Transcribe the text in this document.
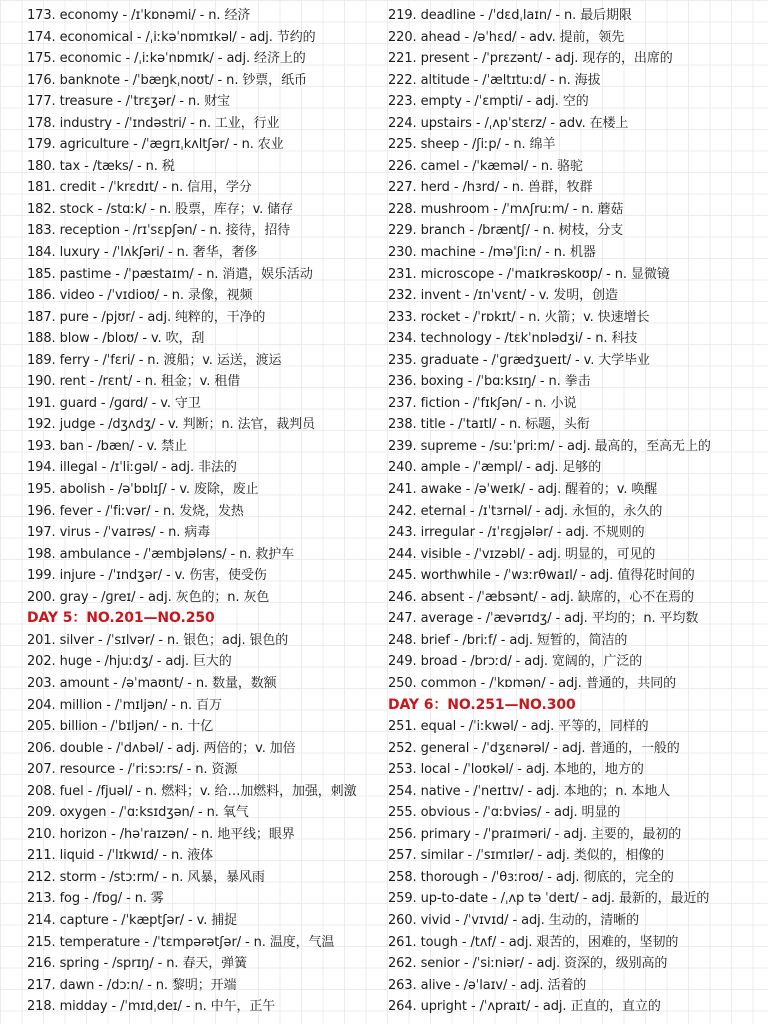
173. economy - /ɪˈkɒnəmi/ - n. 经济
174. economical - /ˌiːkəˈnɒmɪkəl/ - adj. 节约的
175. economic - /ˌiːkəˈnɒmɪk/ - adj. 经济上的
176. banknote - /ˈbæŋkˌnoʊt/ - n. 钞票，纸币
177. treasure - /ˈtrɛʒər/ - n. 财宝
178. industry - /ˈɪndəstri/ - n. 工业，行业
179. agriculture - /ˈæɡrɪˌkʌltʃər/ - n. 农业
180. tax - /tæks/ - n. 税
181. credit - /ˈkrɛdɪt/ - n. 信用，学分
182. stock - /stɑːk/ - n. 股票，库存；v. 储存
183. reception - /rɪˈsɛpʃən/ - n. 接待，招待
184. luxury - /ˈlʌkʃəri/ - n. 奢华，奢侈
185. pastime - /ˈpæstaɪm/ - n. 消遣，娱乐活动
186. video - /ˈvɪdioʊ/ - n. 录像，视频
187. pure - /pjʊr/ - adj. 纯粹的，干净的
188. blow - /bloʊ/ - v. 吹，刮
189. ferry - /ˈfɛri/ - n. 渡船；v. 运送，渡运
190. rent - /rɛnt/ - n. 租金；v. 租借
191. guard - /ɡɑrd/ - v. 守卫
192. judge - /dʒʌdʒ/ - v. 判断；n. 法官，裁判员
193. ban - /bæn/ - v. 禁止
194. illegal - /ɪˈliːɡəl/ - adj. 非法的
195. abolish - /əˈbɒlɪʃ/ - v. 废除，废止
196. fever - /ˈfiːvər/ - n. 发烧，发热
197. virus - /ˈvaɪrəs/ - n. 病毒
198. ambulance - /ˈæmbjələns/ - n. 救护车
199. injure - /ˈɪndʒər/ - v. 伤害，使受伤
200. gray - /ɡreɪ/ - adj. 灰色的；n. 灰色
DAY 5：NO.201—NO.250
201. silver - /ˈsɪlvər/ - n. 银色；adj. 银色的
202. huge - /hjuːdʒ/ - adj. 巨大的
203. amount - /əˈmaʊnt/ - n. 数量，数额
204. million - /ˈmɪljən/ - n. 百万
205. billion - /ˈbɪljən/ - n. 十亿
206. double - /ˈdʌbəl/ - adj. 两倍的；v. 加倍
207. resource - /ˈriːsɔːrs/ - n. 资源
208. fuel - /fjuəl/ - n. 燃料；v. 给…加燃料，加强，刺激
209. oxygen - /ˈɑːksɪdʒən/ - n. 氧气
210. horizon - /həˈraɪzən/ - n. 地平线；眼界
211. liquid - /ˈlɪkwɪd/ - n. 液体
212. storm - /stɔːrm/ - n. 风暴，暴风雨
213. fog - /fɒɡ/ - n. 雾
214. capture - /ˈkæptʃər/ - v. 捕捉
215. temperature - /ˈtɛmpərətʃər/ - n. 温度，气温
216. spring - /sprɪŋ/ - n. 春天，弹簧
217. dawn - /dɔːn/ - n. 黎明；开端
218. midday - /ˈmɪdˌdeɪ/ - n. 中午，正午
219. deadline - /ˈdɛdˌlaɪn/ - n. 最后期限
220. ahead - /əˈhɛd/ - adv. 提前，领先
221. present - /ˈprɛzənt/ - adj. 现存的，出席的
222. altitude - /ˈæltɪtuːd/ - n. 海拔
223. empty - /ˈɛmpti/ - adj. 空的
224. upstairs - /ˌʌpˈstɛrz/ - adv. 在楼上
225. sheep - /ʃiːp/ - n. 绵羊
226. camel - /ˈkæməl/ - n. 骆驼
227. herd - /hɜrd/ - n. 兽群，牧群
228. mushroom - /ˈmʌʃruːm/ - n. 蘑菇
229. branch - /bræntʃ/ - n. 树枝，分支
230. machine - /məˈʃiːn/ - n. 机器
231. microscope - /ˈmaɪkrəskoʊp/ - n. 显微镜
232. invent - /ɪnˈvɛnt/ - v. 发明，创造
233. rocket - /ˈrɒkɪt/ - n. 火箭；v. 快速增长
234. technology - /tɛkˈnɒlədʒi/ - n. 科技
235. graduate - /ˈɡrædʒueɪt/ - v. 大学毕业
236. boxing - /ˈbɑːksɪŋ/ - n. 拳击
237. fiction - /ˈfɪkʃən/ - n. 小说
238. title - /ˈtaɪtl/ - n. 标题，头衔
239. supreme - /suːˈpriːm/ - adj. 最高的，至高无上的
240. ample - /ˈæmpl/ - adj. 足够的
241. awake - /əˈweɪk/ - adj. 醒着的；v. 唤醒
242. eternal - /ɪˈtɜrnəl/ - adj. 永恒的，永久的
243. irregular - /ɪˈrɛɡjələr/ - adj. 不规则的
244. visible - /ˈvɪzəbl/ - adj. 明显的，可见的
245. worthwhile - /ˈwɜːrθwaɪl/ - adj. 值得花时间的
246. absent - /ˈæbsənt/ - adj. 缺席的，心不在焉的
247. average - /ˈævərɪdʒ/ - adj. 平均的；n. 平均数
248. brief - /briːf/ - adj. 短暂的，简洁的
249. broad - /brɔːd/ - adj. 宽阔的，广泛的
250. common - /ˈkɒmən/ - adj. 普通的，共同的
DAY 6：NO.251—NO.300
251. equal - /ˈiːkwəl/ - adj. 平等的，同样的
252. general - /ˈdʒɛnərəl/ - adj. 普通的，一般的
253. local - /ˈloʊkəl/ - adj. 本地的，地方的
254. native - /ˈneɪtɪv/ - adj. 本地的；n. 本地人
255. obvious - /ˈɑːbviəs/ - adj. 明显的
256. primary - /ˈpraɪməri/ - adj. 主要的，最初的
257. similar - /ˈsɪmɪlər/ - adj. 类似的，相像的
258. thorough - /ˈθɜːroʊ/ - adj. 彻底的，完全的
259. up-to-date - /ˌʌp tə ˈdeɪt/ - adj. 最新的，最近的
260. vivid - /ˈvɪvɪd/ - adj. 生动的，清晰的
261. tough - /tʌf/ - adj. 艰苦的，困难的，坚韧的
262. senior - /ˈsiːniər/ - adj. 资深的，级别高的
263. alive - /əˈlaɪv/ - adj. 活着的
264. upright - /ˈʌpraɪt/ - adj. 正直的，直立的
